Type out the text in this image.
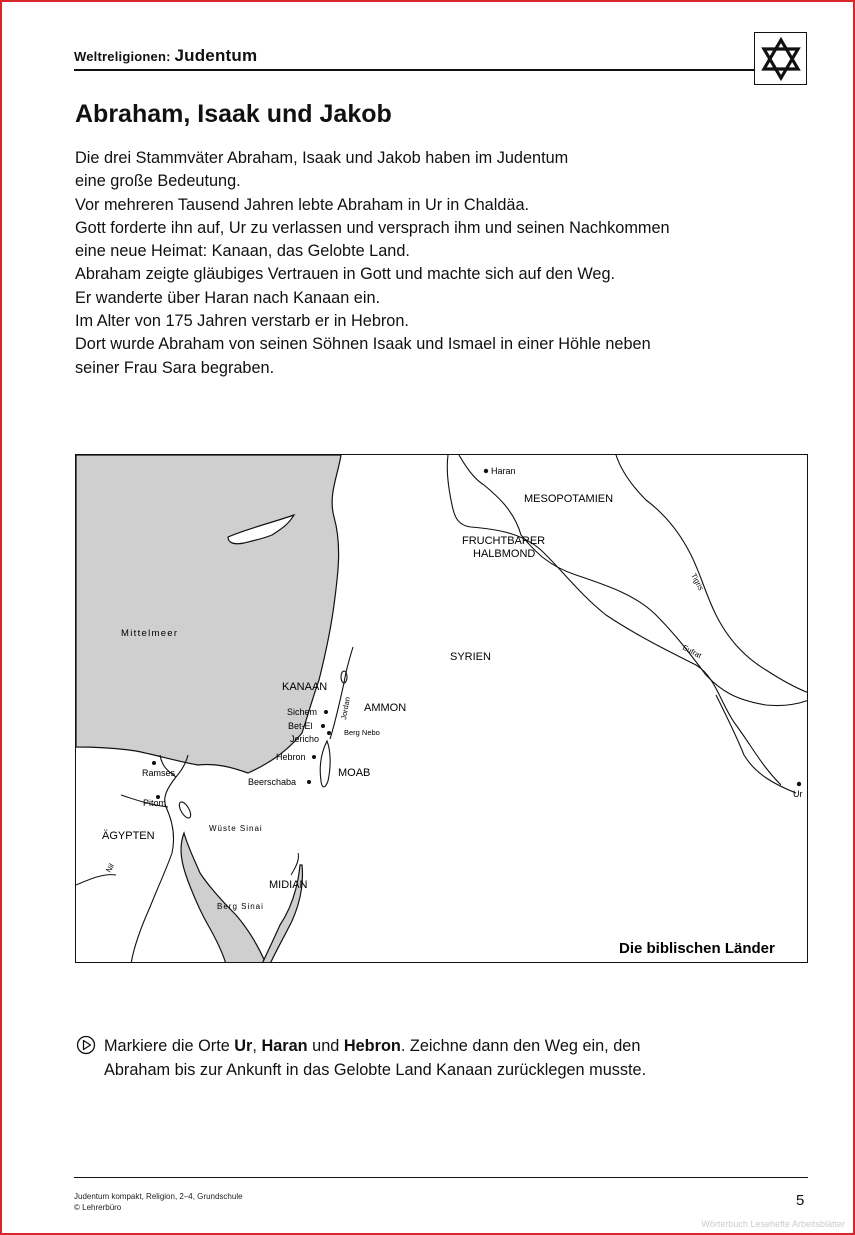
Weltreligionen: Judentum
Abraham, Isaak und Jakob
Die drei Stammväter Abraham, Isaak und Jakob haben im Judentum
eine große Bedeutung.
Vor mehreren Tausend Jahren lebte Abraham in Ur in Chaldäa.
Gott forderte ihn auf, Ur zu verlassen und versprach ihm und seinen Nachkommen
eine neue Heimat: Kanaan, das Gelobte Land.
Abraham zeigte gläubiges Vertrauen in Gott und machte sich auf den Weg.
Er wanderte über Haran nach Kanaan ein.
Im Alter von 175 Jahren verstarb er in Hebron.
Dort wurde Abraham von seinen Söhnen Isaak und Ismael in einer Höhle neben
seiner Frau Sara begraben.
MESOPOTAMIEN
FRUCHTBARER
HALBMOND
SYRIEN
Mittelmeer
KANAAN
AMMON
MOAB
ÄGYPTEN
MIDIAN
Haran
Ur
Sichem
Bet-El
Jericho
Hebron
Beerschaba
Ramses
Pitom
Berg Nebo
Wüste Sinai
Berg Sinai
Tigris
Eufrat
Jordan
Nil
Die biblischen Länder
Markiere die Orte Ur, Haran und Hebron. Zeichne dann den Weg ein, den
Abraham bis zur Ankunft in das Gelobte Land Kanaan zurücklegen musste.
Judentum kompakt, Religion, 2–4, Grundschule
© Lehrerbüro	5
Wörterbuch Lesehefte Arbeitsblätter
